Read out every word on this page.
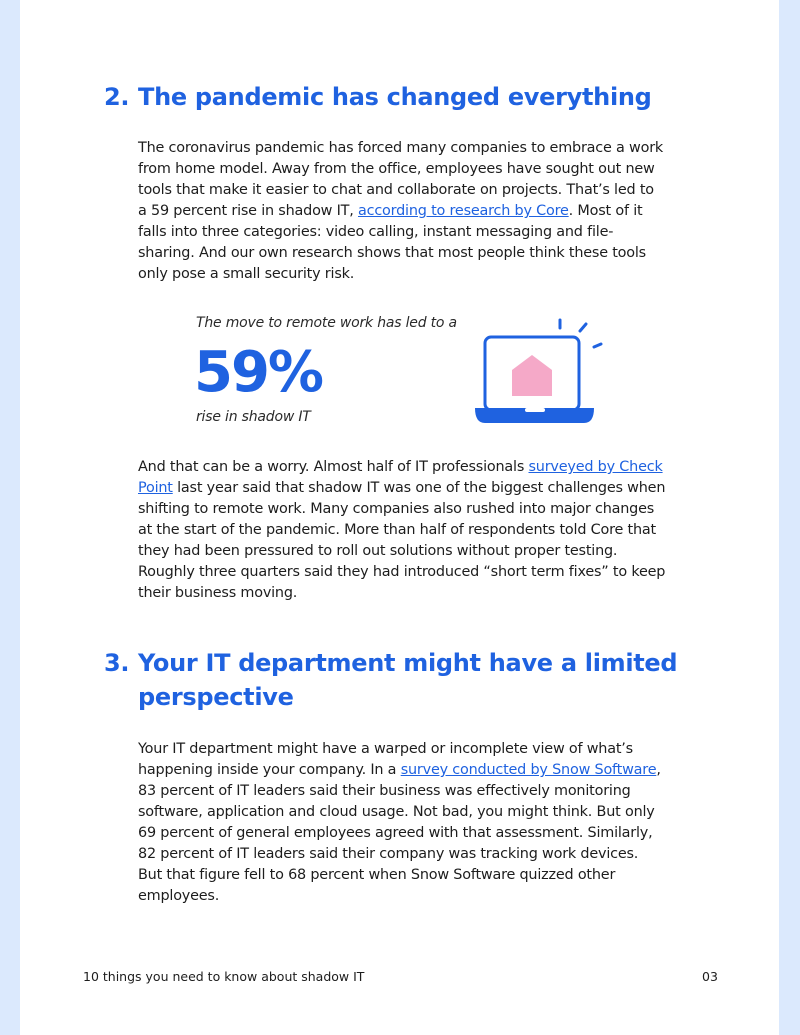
2. The pandemic has changed everything

The coronavirus pandemic has forced many companies to embrace a work from home model. Away from the office, employees have sought out new tools that make it easier to chat and collaborate on projects. That’s led to a 59 percent rise in shadow IT, according to research by Core. Most of it falls into three categories: video calling, instant messaging and file-sharing. And our own research shows that most people think these tools only pose a small security risk.

The move to remote work has led to a

59%

rise in shadow IT

And that can be a worry. Almost half of IT professionals surveyed by Check Point last year said that shadow IT was one of the biggest challenges when shifting to remote work. Many companies also rushed into major changes at the start of the pandemic. More than half of respondents told Core that they had been pressured to roll out solutions without proper testing. Roughly three quarters said they had introduced “short term fixes” to keep their business moving.

3. Your IT department might have a limited
perspective

Your IT department might have a warped or incomplete view of what’s happening inside your company. In a survey conducted by Snow Software, 83 percent of IT leaders said their business was effectively monitoring software, application and cloud usage. Not bad, you might think. But only 69 percent of general employees agreed with that assessment. Similarly, 82 percent of IT leaders said their company was tracking work devices. But that figure fell to 68 percent when Snow Software quizzed other employees.

10 things you need to know about shadow IT	03
